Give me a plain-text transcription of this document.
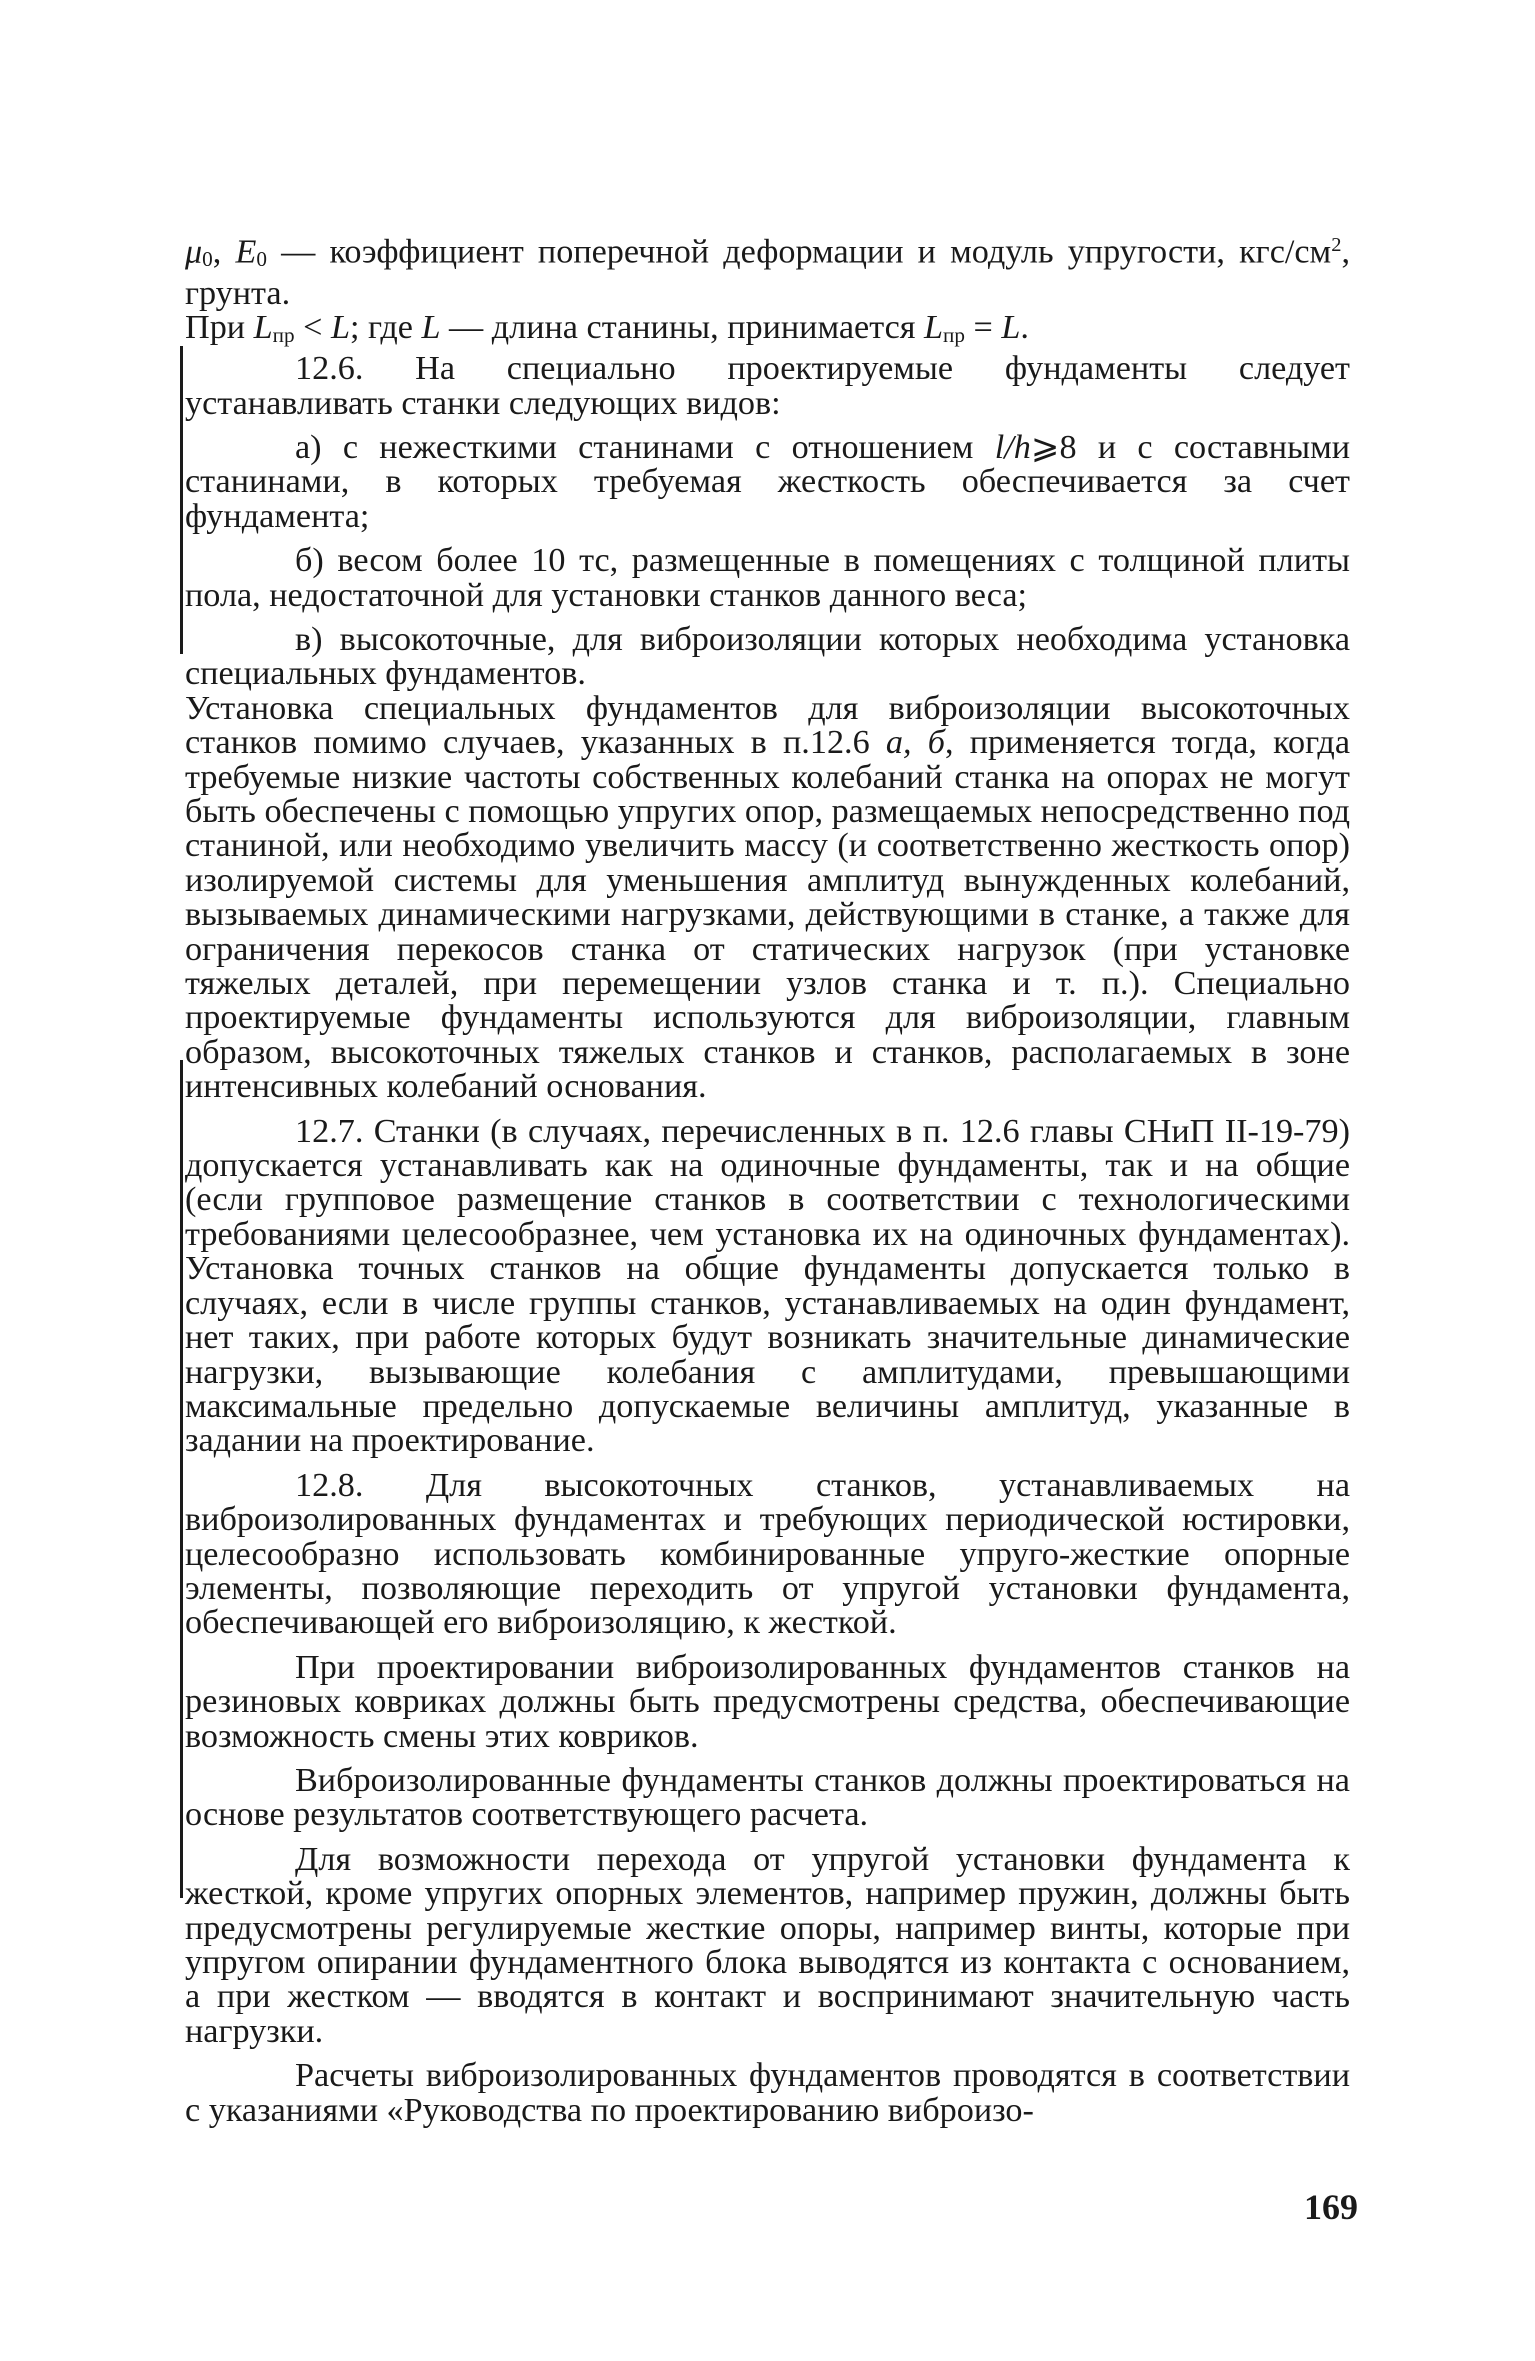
μ0, E0 — коэффициент поперечной деформации и модуль упругости, кгс/$см^2$, грунта.

При Lпр < L; где L — длина станины, принимается Lпр = L.

12.6. На специально проектируемые фундаменты следует устанавливать станки следующих видов:

а) с нежесткими станинами с отношением l/h⩾8 и с составными станинами, в которых требуемая жесткость обеспечивается за счет фундамента;

б) весом более 10 тс, размещенные в помещениях с толщиной плиты пола, недостаточной для установки станков данного веса;

в) высокоточные, для виброизоляции которых необходима установка специальных фундаментов.

Установка специальных фундаментов для виброизоляции высокоточных станков помимо случаев, указанных в п.12.6 а, б, применяется тогда, когда требуемые низкие частоты собственных колебаний станка на опорах не могут быть обеспечены с помощью упругих опор, размещаемых непосредственно под станиной, или необходимо увеличить массу (и соответственно жесткость опор) изолируемой системы для уменьшения амплитуд вынужденных колебаний, вызываемых динамическими нагрузками, действующими в станке, а также для ограничения перекосов станка от статических нагрузок (при установке тяжелых деталей, при перемещении узлов станка и т. п.). Специально проектируемые фундаменты используются для виброизоляции, главным образом, высокоточных тяжелых станков и станков, располагаемых в зоне интенсивных колебаний основания.

12.7. Станки (в случаях, перечисленных в п. 12.6 главы СНиП II-19-79) допускается устанавливать как на одиночные фундаменты, так и на общие (если групповое размещение станков в соответствии с технологическими требованиями целесообразнее, чем установка их на одиночных фундаментах). Установка точных станков на общие фундаменты допускается только в случаях, если в числе группы станков, устанавливаемых на один фундамент, нет таких, при работе которых будут возникать значительные динамические нагрузки, вызывающие колебания с амплитудами, превышающими максимальные предельно допускаемые величины амплитуд, указанные в задании на проектирование.

12.8. Для высокоточных станков, устанавливаемых на виброизолированных фундаментах и требующих периодической юстировки, целесообразно использовать комбинированные упруго-жесткие опорные элементы, позволяющие переходить от упругой установки фундамента, обеспечивающей его виброизоляцию, к жесткой.

При проектировании виброизолированных фундаментов станков на резиновых ковриках должны быть предусмотрены средства, обеспечивающие возможность смены этих ковриков.

Виброизолированные фундаменты станков должны проектироваться на основе результатов соответствующего расчета.

Для возможности перехода от упругой установки фундамента к жесткой, кроме упругих опорных элементов, например пружин, должны быть предусмотрены регулируемые жесткие опоры, например винты, которые при упругом опирании фундаментного блока выводятся из контакта с основанием, а при жестком — вводятся в контакт и воспринимают значительную часть нагрузки.

Расчеты виброизолированных фундаментов проводятся в соответствии с указаниями «Руководства по проектированию виброизо-

169
